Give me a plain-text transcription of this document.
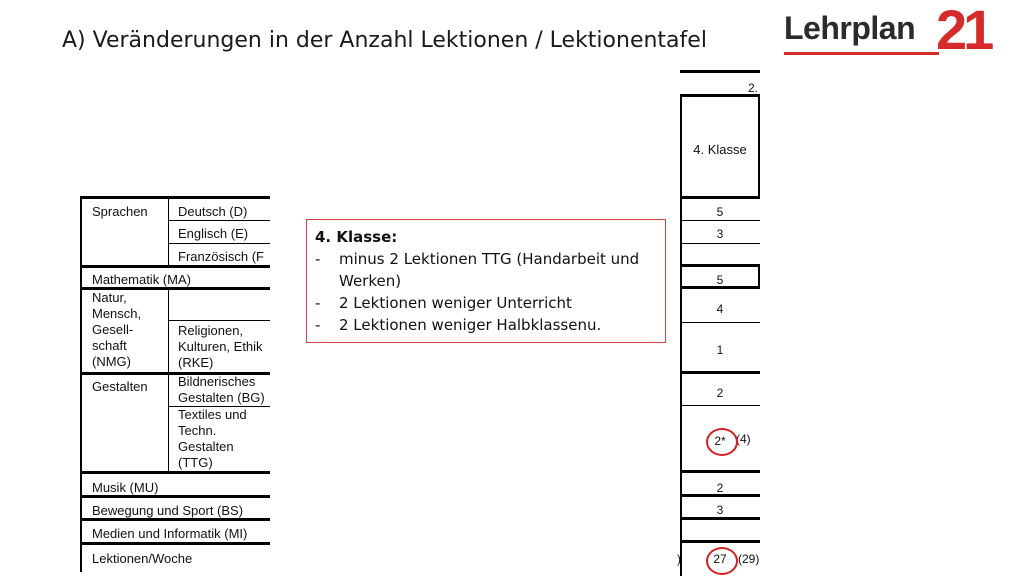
A) Veränderungen in der Anzahl Lektionen / Lektionentafel Lehrplan 21
Sprachen Deutsch (D)
Englisch (E)
Französisch (F
Mathematik (MA)
Natur,
Mensch,
Gesell-
schaft
(NMG)
Religionen,
Kulturen, Ethik
(RKE)
Gestalten Bildnerisches
Gestalten (BG)
Textiles und
Techn.
Gestalten
(TTG)
Musik (MU)
Bewegung und Sport (BS)
Medien und Informatik (MI)
Lektionen/Woche
2.
4. Klasse
5
3
5
4
1
2
2* (4)
2
3
27
)	(29)
4. Klasse:
- minus 2 Lektionen TTG (Handarbeit und Werken)
- 2 Lektionen weniger Unterricht
- 2 Lektionen weniger Halbklassenu.
